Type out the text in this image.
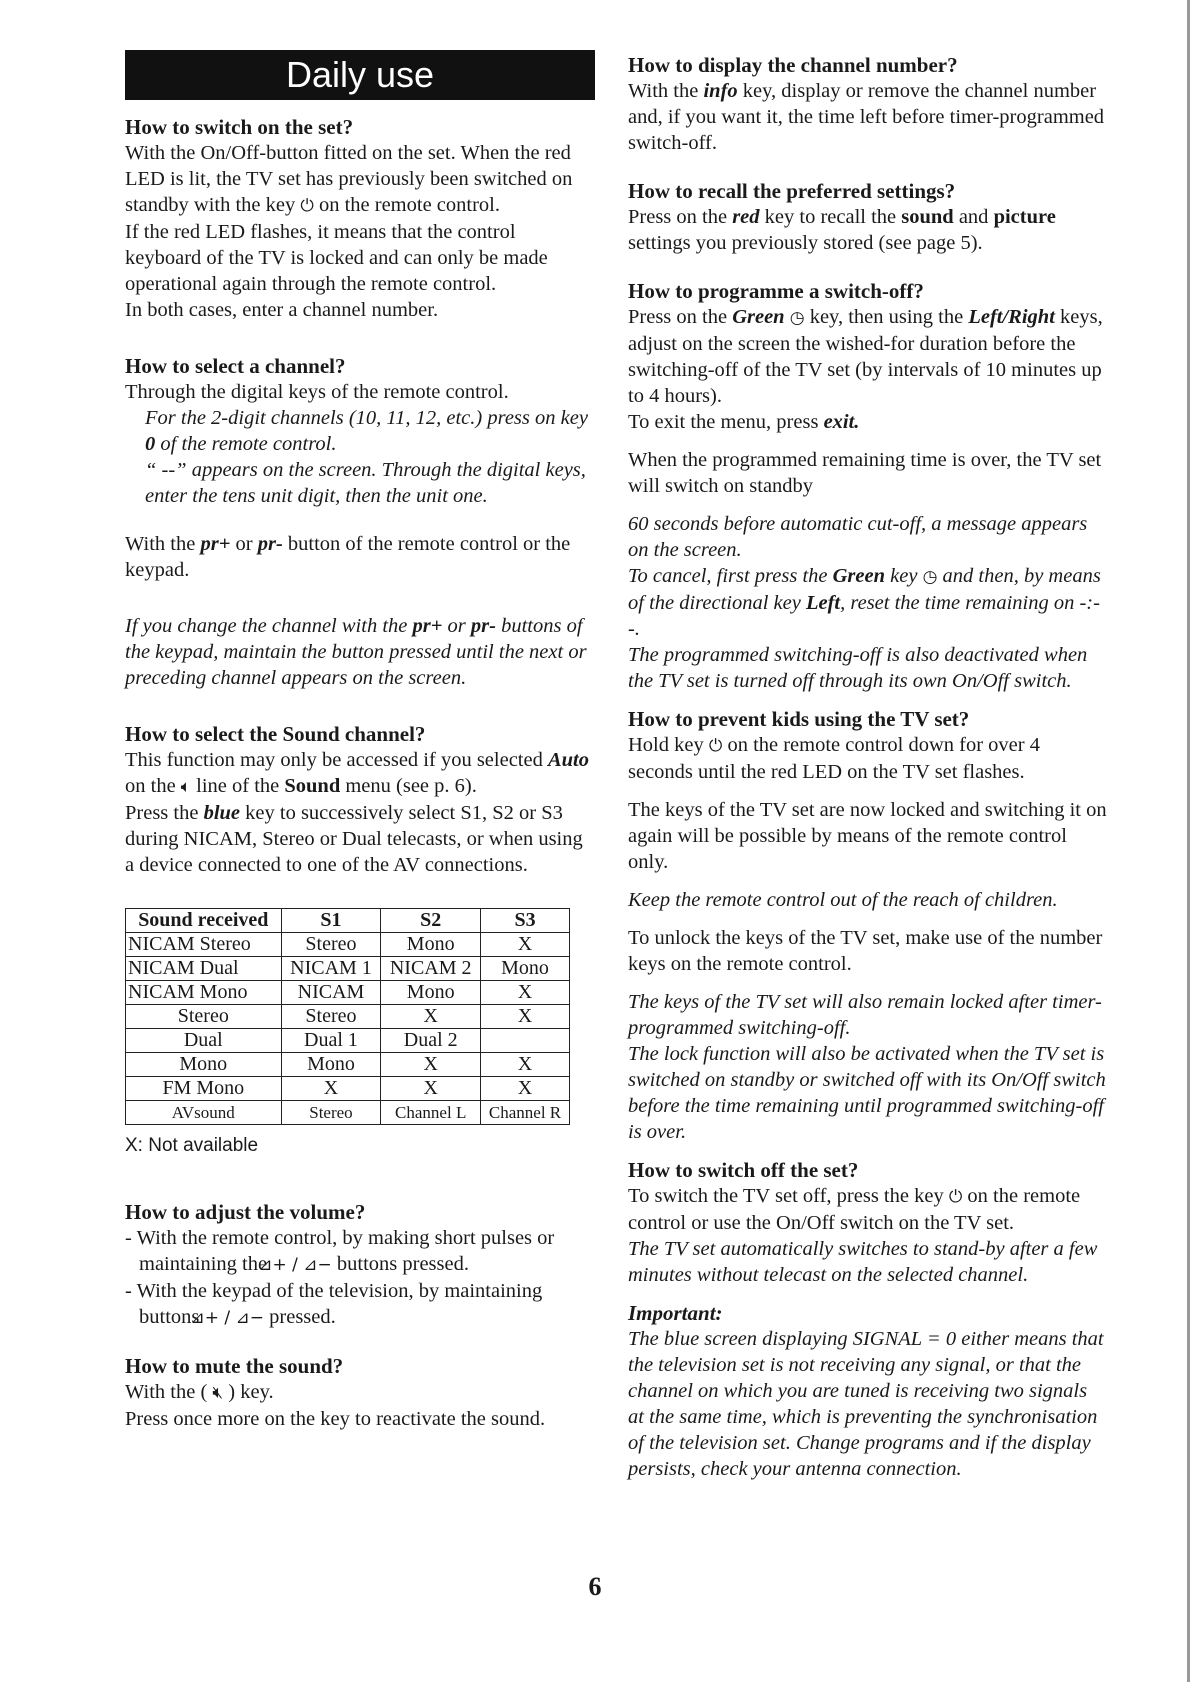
Daily use
How to switch on the set?

With the On/Off-button fitted on the set. When the red LED is lit, the TV set has previously been switched on standby with the key ⏻ on the remote control.

If the red LED flashes, it means that the control keyboard of the TV is locked and can only be made operational again through the remote control.

In both cases, enter a channel number.

How to select a channel?

Through the digital keys of the remote control.

For the 2-digit channels (10, 11, 12, etc.) press on key 0 of the remote control.

“ --” appears on the screen. Through the digital keys, enter the tens unit digit, then the unit one.

With the pr+ or pr- button of the remote control or the keypad.

If you change the channel with the pr+ or pr- buttons of the keypad, maintain the button pressed until the next or preceding channel appears on the screen.

How to select the Sound channel?

This function may only be accessed if you selected Auto on the 🔈︎ line of the Sound menu (see p. 6).

Press the blue key to successively select S1, S2 or S3 during NICAM, Stereo or Dual telecasts, or when using a device connected to one of the AV connections.

Sound received	S1	S2	S3
NICAM Stereo	Stereo	Mono	X
NICAM Dual	NICAM 1	NICAM 2	Mono
NICAM Mono	NICAM	Mono	X
Stereo	Stereo	X	X
Dual	Dual 1	Dual 2	
Mono	Mono	X	X
FM Mono	X	X	X
AVsound	Stereo	Channel L	Channel R
X: Not available
How to adjust the volume?
- With the remote control, by making short pulses or maintaining the ⊿+ / ⊿− buttons pressed.
- With the keypad of the television, by maintaining buttons ⊿+ / ⊿− pressed.
How to mute the sound?

With the ( 🔇︎ ) key.

Press once more on the key to reactivate the sound.

How to display the channel number?

With the info key, display or remove the channel number and, if you want it, the time left before timer-programmed switch-off.

How to recall the preferred settings?

Press on the red key to recall the sound and picture settings you previously stored (see page 5).

How to programme a switch-off?

Press on the Green ◷ key, then using the Left/Right keys, adjust on the screen the wished-for duration before the switching-off of the TV set (by intervals of 10 minutes up to 4 hours).

To exit the menu, press exit.

When the programmed remaining time is over, the TV set will switch on standby

60 seconds before automatic cut-off, a message appears on the screen.

To cancel, first press the Green key ◷ and then, by means of the directional key Left, reset the time remaining on -:--.

The programmed switching-off is also deactivated when the TV set is turned off through its own On/Off switch.

How to prevent kids using the TV set?

Hold key ⏻ on the remote control down for over 4 seconds until the red LED on the TV set flashes.

The keys of the TV set are now locked and switching it on again will be possible by means of the remote control only.

Keep the remote control out of the reach of children.

To unlock the keys of the TV set, make use of the number keys on the remote control.

The keys of the TV set will also remain locked after timer-programmed switching-off.

The lock function will also be activated when the TV set is switched on standby or switched off with its On/Off switch before the time remaining until programmed switching-off is over.

How to switch off the set?

To switch the TV set off, press the key ⏻ on the remote control or use the On/Off switch on the TV set.

The TV set automatically switches to stand-by after a few minutes without telecast on the selected channel.

Important:

The blue screen displaying SIGNAL = 0 either means that the television set is not receiving any signal, or that the channel on which you are tuned is receiving two signals at the same time, which is preventing the synchronisation of the television set. Change programs and if the display persists, check your antenna connection.

6
